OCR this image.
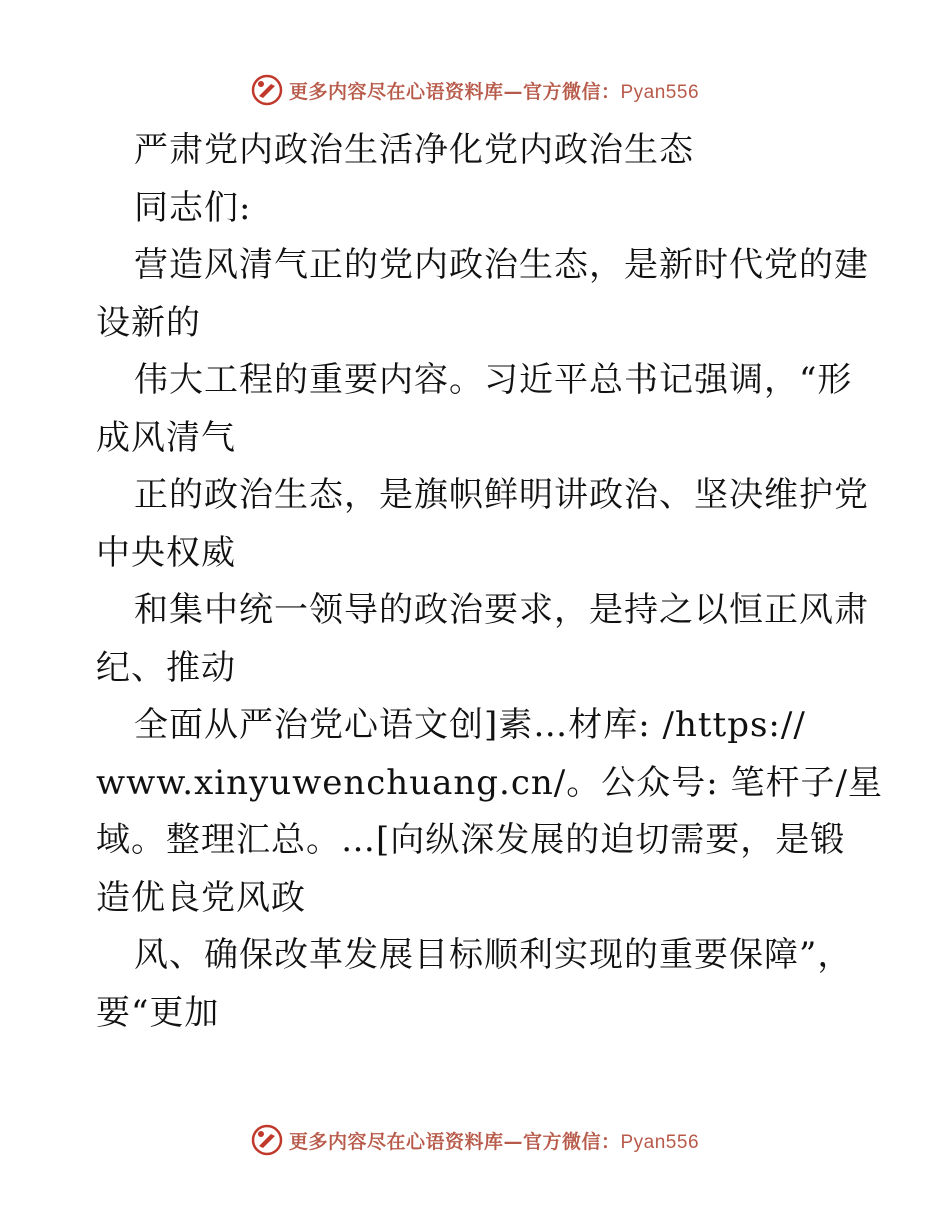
更多内容尽在心语资料库—官方微信：Pyan556
严肃党内政治生活净化党内政治生态
同志们:
营造风清气正的党内政治生态，是新时代党的建
设新的
伟大工程的重要内容。习近平总书记强调，“形
成风清气
正的政治生态，是旗帜鲜明讲政治、坚决维护党
中央权威
和集中统一领导的政治要求，是持之以恒正风肃
纪、推动
全面从严治党心语文创]素…材库: /https://
www.xinyuwenchuang.cn/。公众号: 笔杆子/星
域。整理汇总。…[向纵深发展的迫切需要，是锻
造优良党风政
风、确保改革发展目标顺利实现的重要保障”，
要“更加
更多内容尽在心语资料库—官方微信：Pyan556
